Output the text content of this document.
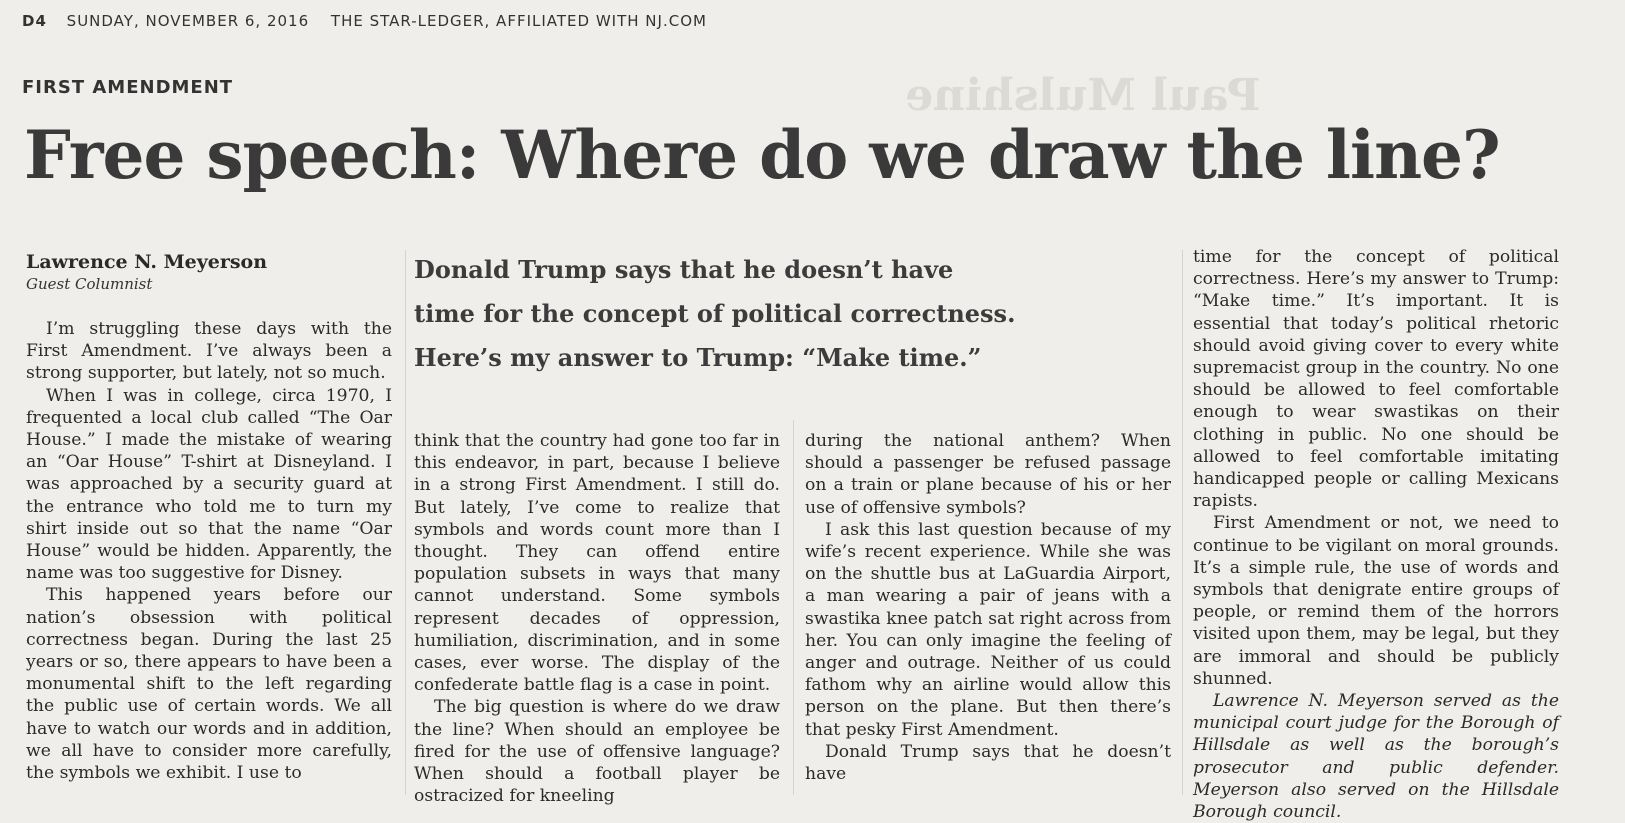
Paul Mulshine
D4 SUNDAY, NOVEMBER 6, 2016 THE STAR-LEDGER, AFFILIATED WITH NJ.COM
FIRST AMENDMENT
Free speech: Where do we draw the line?
Lawrence N. Meyerson
Guest Columnist	Donald Trump says that he doesn’t have
time for the concept of political correctness.
Here’s my answer to Trump: “Make time.”

I’m struggling these days with the First Amendment. I’ve always been a strong supporter, but lately, not so much.

When I was in college, circa 1970, I frequented a local club called “The Oar House.” I made the mistake of wearing an “Oar House” T-shirt at Disneyland. I was approached by a security guard at the entrance who told me to turn my shirt inside out so that the name “Oar House” would be hidden. Apparently, the name was too suggestive for Disney.

This happened years before our nation’s obsession with political correctness began. During the last 25 years or so, there appears to have been a monumental shift to the left regarding the public use of certain words. We all have to watch our words and in addition, we all have to consider more carefully, the symbols we exhibit. I use to

think that the country had gone too far in this endeavor, in part, because I believe in a strong First Amendment. I still do. But lately, I’ve come to realize that symbols and words count more than I thought. They can offend entire population subsets in ways that many cannot understand. Some symbols represent decades of oppression, humiliation, discrimination, and in some cases, ever worse. The display of the confederate battle flag is a case in point.

The big question is where do we draw the line? When should an employee be fired for the use of offensive language? When should a football player be ostracized for kneeling

during the national anthem? When should a passenger be refused passage on a train or plane because of his or her use of offensive symbols?

I ask this last question because of my wife’s recent experience. While she was on the shuttle bus at LaGuardia Airport, a man wearing a pair of jeans with a swastika knee patch sat right across from her. You can only imagine the feeling of anger and outrage. Neither of us could fathom why an airline would allow this person on the plane. But then there’s that pesky First Amendment.

Donald Trump says that he doesn’t have

time for the concept of political correctness. Here’s my answer to Trump: “Make time.” It’s important. It is essential that today’s political rhetoric should avoid giving cover to every white supremacist group in the country. No one should be allowed to feel comfortable enough to wear swastikas on their clothing in public. No one should be allowed to feel comfortable imitating handicapped people or calling Mexicans rapists.

First Amendment or not, we need to continue to be vigilant on moral grounds. It’s a simple rule, the use of words and symbols that denigrate entire groups of people, or remind them of the horrors visited upon them, may be legal, but they are immoral and should be publicly shunned.

Lawrence N. Meyerson served as the municipal court judge for the Borough of Hillsdale as well as the borough’s prosecutor and public defender. Meyerson also served on the Hillsdale Borough council.
